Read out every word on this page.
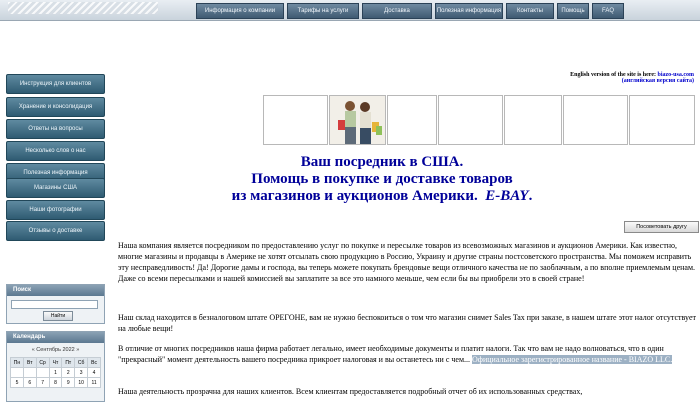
Информация о компании	Тарифы на услуги	Доставка	Полезная информация	Контакты	Помощь	FAQ
Инструкция для клиентов
Хранение и консолидация
Ответы на вопросы
Несколько слов о нас
Полезная информация
Магазины США
Наши фотографии
Отзывы о доставке
Поиск
Найти
Календарь
« Сентябрь 2022 »
Пн	Вт	Ср	Чт	Пт	Сб	Вс
			1	2	3	4
5	6	7	8	9	10	11
English version of the site is here: biazo-usa.com
(английская версия сайта)
Ваш посредник в США.
Помощь в покупке и доставке товаров
из магазинов и аукционов Америки. E-BAY.
Посоветовать другу
Наша компания является посредником по предоставлению услуг по покупке и пересылке товаров из всевозможных магазинов и аукционов Америки. Как известно, многие магазины и продавцы в Америке не хотят отсылать свою продукцию в Россию, Украину и другие страны постсоветского пространства. Мы поможем исправить эту несправедливость! Да! Дорогие дамы и господа, вы теперь можете покупать брендовые вещи отличного качества не по заоблачным, а по вполне приемлемым ценам. Даже со всеми пересылками и нашей комиссией вы заплатите за все это намного меньше, чем если бы вы приобрели это в своей стране!
Наш склад находится в безналоговом штате ОРЕГОНЕ, вам не нужно беспокоиться о том что магазин снимет Sales Tax при заказе, в нашем штате этот налог отсутствует на любые вещи!
В отличие от многих посредников наша фирма работает легально, имеет необходимые документы и платит налоги. Так что вам не надо волноваться, что в один "прекрасный" момент деятельность вашего посредника прикроет налоговая и вы останетесь ни с чем... Официальное зарегистрированное название - BIAZO LLC.
Наша деятельность прозрачна для наших клиентов. Всем клиентам предоставляется подробный отчет об их использованных средствах,
